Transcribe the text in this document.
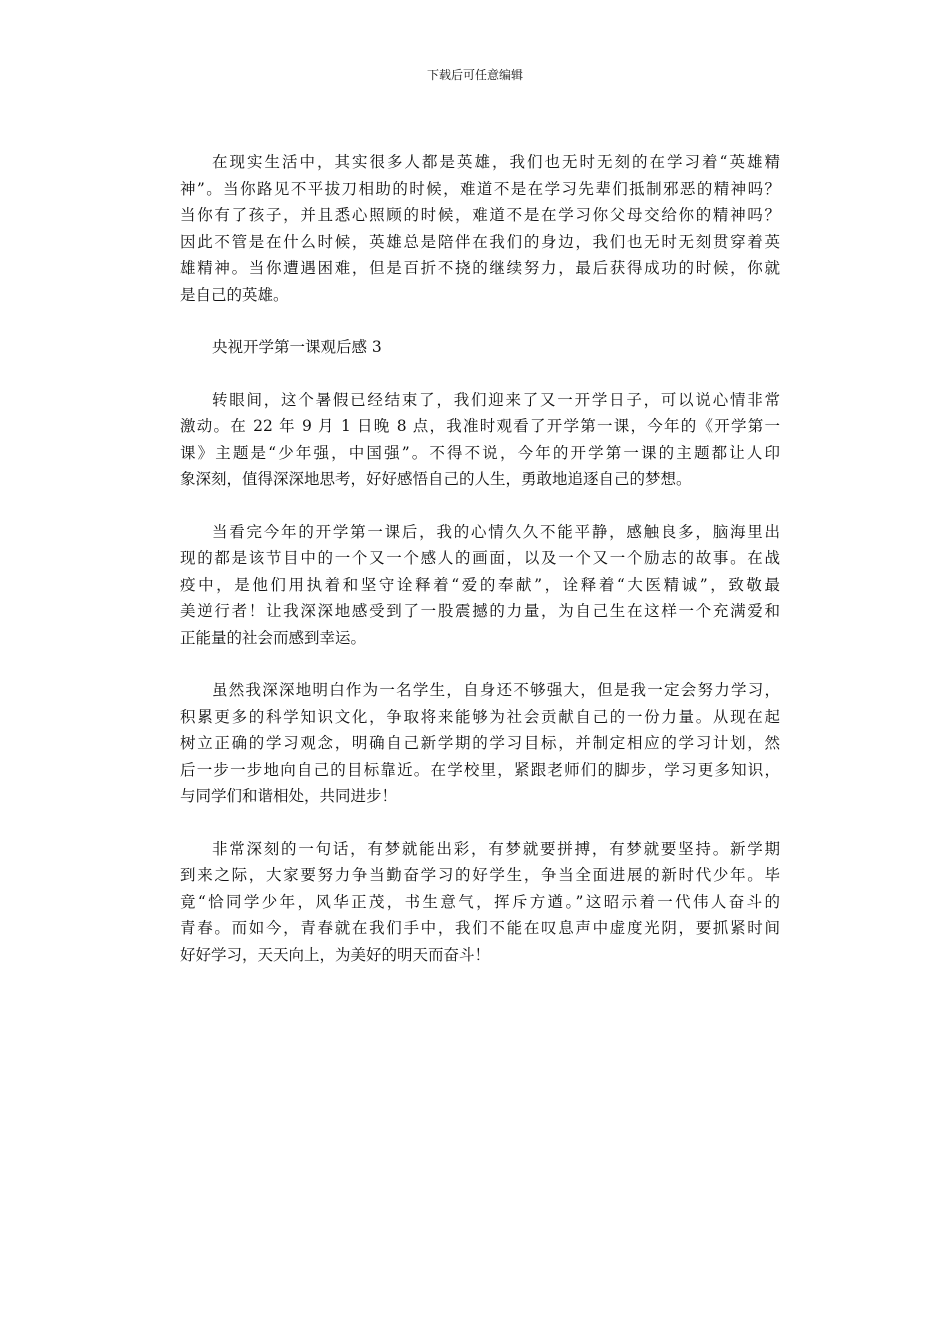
下载后可任意编辑
在现实生活中，其实很多人都是英雄，我们也无时无刻的在学习着“英雄精
神”。当你路见不平拔刀相助的时候，难道不是在学习先辈们抵制邪恶的精神吗？
当你有了孩子，并且悉心照顾的时候，难道不是在学习你父母交给你的精神吗？
因此不管是在什么时候，英雄总是陪伴在我们的身边，我们也无时无刻贯穿着英
雄精神。当你遭遇困难，但是百折不挠的继续努力，最后获得成功的时候，你就
是自己的英雄。
央视开学第一课观后感 3
转眼间，这个暑假已经结束了，我们迎来了又一开学日子，可以说心情非常
激动。在 22 年 9 月 1 日晚 8 点，我准时观看了开学第一课，今年的《开学第一
课》主题是“少年强，中国强”。不得不说，今年的开学第一课的主题都让人印
象深刻，值得深深地思考，好好感悟自己的人生，勇敢地追逐自己的梦想。
当看完今年的开学第一课后，我的心情久久不能平静，感触良多，脑海里出
现的都是该节目中的一个又一个感人的画面，以及一个又一个励志的故事。在战
疫中，是他们用执着和坚守诠释着“爱的奉献”，诠释着“大医精诚”，致敬最
美逆行者！让我深深地感受到了一股震撼的力量，为自己生在这样一个充满爱和
正能量的社会而感到幸运。
虽然我深深地明白作为一名学生，自身还不够强大，但是我一定会努力学习，
积累更多的科学知识文化，争取将来能够为社会贡献自己的一份力量。从现在起
树立正确的学习观念，明确自己新学期的学习目标，并制定相应的学习计划，然
后一步一步地向自己的目标靠近。在学校里，紧跟老师们的脚步，学习更多知识，
与同学们和谐相处，共同进步！
非常深刻的一句话，有梦就能出彩，有梦就要拼搏，有梦就要坚持。新学期
到来之际，大家要努力争当勤奋学习的好学生，争当全面进展的新时代少年。毕
竟“恰同学少年，风华正茂，书生意气，挥斥方遒。”这昭示着一代伟人奋斗的
青春。而如今，青春就在我们手中，我们不能在叹息声中虚度光阴，要抓紧时间
好好学习，天天向上，为美好的明天而奋斗！
